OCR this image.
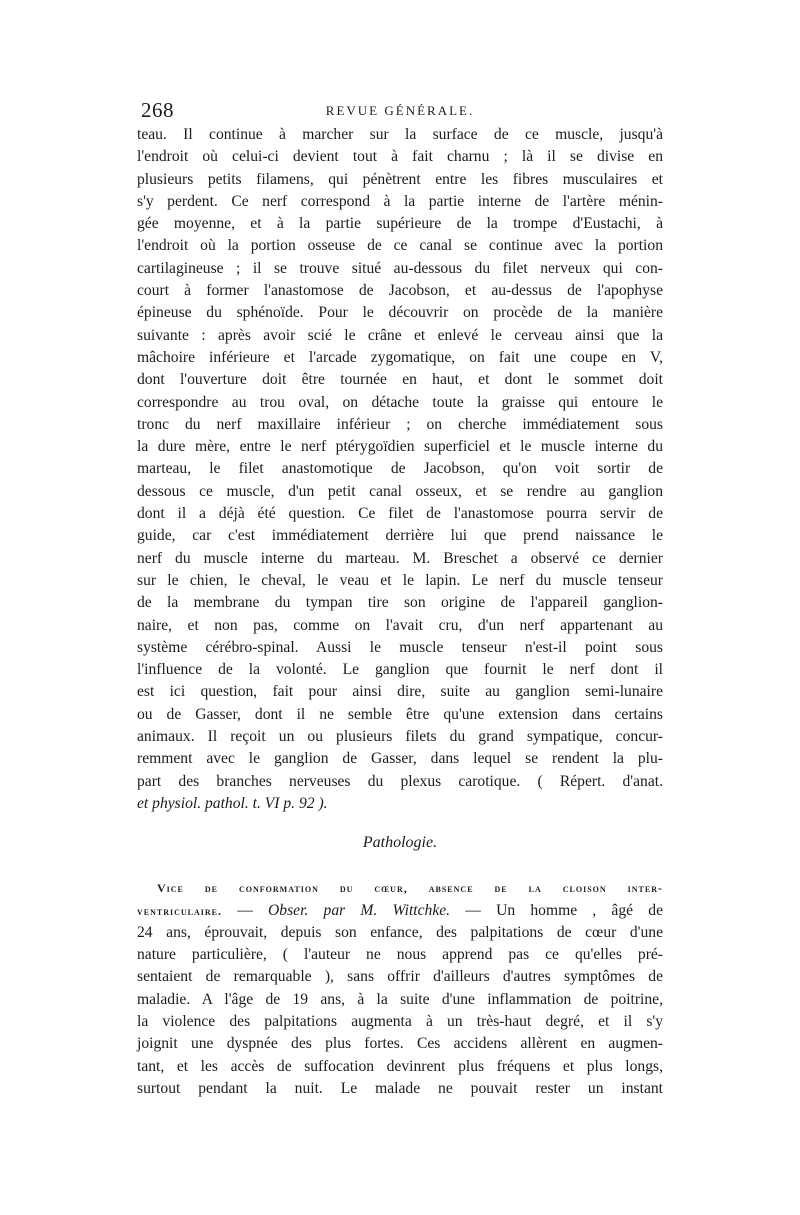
268	REVUE GÉNÉRALE.
teau. Il continue à marcher sur la surface de ce muscle, jusqu'à
l'endroit où celui-ci devient tout à fait charnu ; là il se divise en
plusieurs petits filamens, qui pénètrent entre les fibres musculaires et
s'y perdent. Ce nerf correspond à la partie interne de l'artère ménin-
gée moyenne, et à la partie supérieure de la trompe d'Eustachi, à
l'endroit où la portion osseuse de ce canal se continue avec la portion
cartilagineuse ; il se trouve situé au-dessous du filet nerveux qui con-
court à former l'anastomose de Jacobson, et au-dessus de l'apophyse
épineuse du sphénoïde. Pour le découvrir on procède de la manière
suivante : après avoir scié le crâne et enlevé le cerveau ainsi que la
mâchoire inférieure et l'arcade zygomatique, on fait une coupe en V,
dont l'ouverture doit être tournée en haut, et dont le sommet doit
correspondre au trou oval, on détache toute la graisse qui entoure le
tronc du nerf maxillaire inférieur ; on cherche immédiatement sous
la dure mère, entre le nerf ptérygoïdien superficiel et le muscle interne du
marteau, le filet anastomotique de Jacobson, qu'on voit sortir de
dessous ce muscle, d'un petit canal osseux, et se rendre au ganglion
dont il a déjà été question. Ce filet de l'anastomose pourra servir de
guide, car c'est immédiatement derrière lui que prend naissance le
nerf du muscle interne du marteau. M. Breschet a observé ce dernier
sur le chien, le cheval, le veau et le lapin. Le nerf du muscle tenseur
de la membrane du tympan tire son origine de l'appareil ganglion-
naire, et non pas, comme on l'avait cru, d'un nerf appartenant au
système cérébro-spinal. Aussi le muscle tenseur n'est-il point sous
l'influence de la volonté. Le ganglion que fournit le nerf dont il
est ici question, fait pour ainsi dire, suite au ganglion semi-lunaire
ou de Gasser, dont il ne semble être qu'une extension dans certains
animaux. Il reçoit un ou plusieurs filets du grand sympatique, concur-
remment avec le ganglion de Gasser, dans lequel se rendent la plu-
part des branches nerveuses du plexus carotique. ( Répert. d'anat.
et physiol. pathol. t. VI p. 92 ).
Pathologie.
Vice de conformation du cœur, absence de la cloison inter-
ventriculaire. — Obser. par M. Wittchke. — Un homme , âgé de
24 ans, éprouvait, depuis son enfance, des palpitations de cœur d'une
nature particulière, ( l'auteur ne nous apprend pas ce qu'elles pré-
sentaient de remarquable ), sans offrir d'ailleurs d'autres symptômes de
maladie. A l'âge de 19 ans, à la suite d'une inflammation de poitrine,
la violence des palpitations augmenta à un très-haut degré, et il s'y
joignit une dyspnée des plus fortes. Ces accidens allèrent en augmen-
tant, et les accès de suffocation devinrent plus fréquens et plus longs,
surtout pendant la nuit. Le malade ne pouvait rester un instant
